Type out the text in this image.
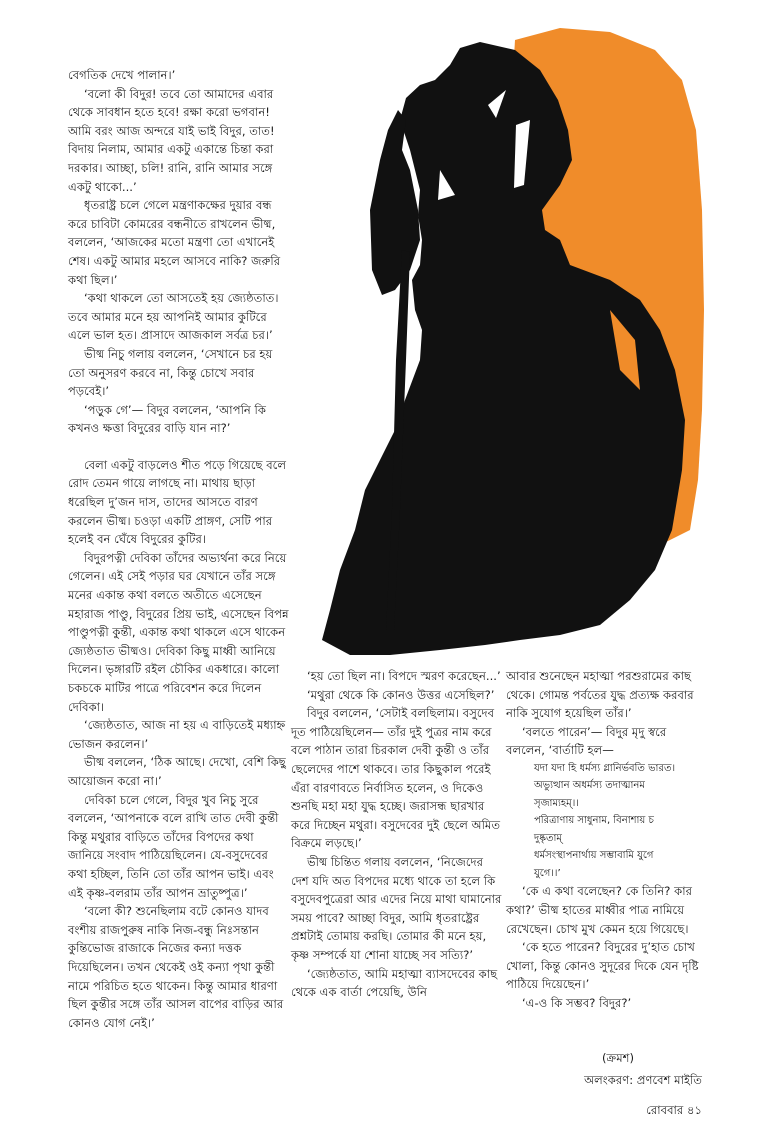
বেগতিক দেখে পালান।’

‘বলো কী বিদুর! তবে তো আমাদের এবার থেকে সাবধান হতে হবে! রক্ষা করো ভগবান! আমি বরং আজ অন্দরে যাই ভাই বিদুর, তাত! বিদায় নিলাম, আমার একটু একান্তে চিন্তা করা দরকার। আচ্ছা, চলি! রানি, রানি আমার সঙ্গে একটু থাকো...’

ধৃতরাষ্ট্র চলে গেলে মন্ত্রণাকক্ষের দুয়ার বন্ধ করে চাবিটা কোমরের বন্ধনীতে রাখলেন ভীষ্ম, বললেন, ‘আজকের মতো মন্ত্রণা তো এখানেই শেষ। একটু আমার মহলে আসবে নাকি? জরুরি কথা ছিল।’

‘কথা থাকলে তো আসতেই হয় জ্যেষ্ঠতাত। তবে আমার মনে হয় আপনিই আমার কুটিরে এলে ভাল হত। প্রাসাদে আজকাল সর্বত্র চর।’

ভীষ্ম নিচু গলায় বললেন, ‘সেখানে চর হয় তো অনুসরণ করবে না, কিন্তু চোখে সবার পড়বেই।’

‘পড়ুক গে’— বিদুর বললেন, ‘আপনি কি কখনও ক্ষত্তা বিদুরের বাড়ি যান না?’

বেলা একটু বাড়লেও শীত পড়ে গিয়েছে বলে রোদ তেমন গায়ে লাগছে না। মাথায় ছাড়া ধরেছিল দু’জন দাস, তাদের আসতে বারণ করলেন ভীষ্ম। চওড়া একটি প্রাঙ্গণ, সেটি পার হলেই বন ঘেঁষে বিদুরের কুটির।

বিদুরপত্নী দেবিকা তাঁদের অভ্যর্থনা করে নিয়ে গেলেন। এই সেই পড়ার ঘর যেখানে তাঁর সঙ্গে মনের একান্ত কথা বলতে অতীতে এসেছেন মহারাজ পাণ্ডু, বিদুরের প্রিয় ভাই, এসেছেন বিপন্ন পাণ্ডুপত্নী কুন্তী, একান্ত কথা থাকলে এসে থাকেন জ্যেষ্ঠতাত ভীষ্মও। দেবিকা কিছু মাধ্বী আনিয়ে দিলেন। ভৃঙ্গারটি রইল চৌকির একধারে। কালো চকচকে মাটির পাত্রে পরিবেশন করে দিলেন দেবিকা।

‘জ্যেষ্ঠতাত, আজ না হয় এ বাড়িতেই মধ্যাহ্ন ভোজন করলেন।’

ভীষ্ম বললেন, ‘ঠিক আছে। দেখো, বেশি কিছু আয়োজন করো না।’

দেবিকা চলে গেলে, বিদুর খুব নিচু সুরে বললেন, ‘আপনাকে বলে রাখি তাত দেবী কুন্তী কিন্তু মথুরার বাড়িতে তাঁদের বিপদের কথা জানিয়ে সংবাদ পাঠিয়েছিলেন। যে-বসুদেবের কথা হচ্ছিল, তিনি তো তাঁর আপন ভাই। এবং এই কৃষ্ণ-বলরাম তাঁর আপন ভ্রাতুষ্পুত্র।’

‘বলো কী? শুনেছিলাম বটে কোনও যাদব বংশীয় রাজপুরুষ নাকি নিজ-বন্ধু নিঃসন্তান কুন্তিভোজ রাজাকে নিজের কন্যা দত্তক দিয়েছিলেন। তখন থেকেই ওই কন্যা পৃথা কুন্তী নামে পরিচিত হতে থাকেন। কিন্তু আমার ধারণা ছিল কুন্তীর সঙ্গে তাঁর আসল বাপের বাড়ির আর কোনও যোগ নেই।’

‘হয় তো ছিল না। বিপদে স্মরণ করেছেন...’

‘মথুরা থেকে কি কোনও উত্তর এসেছিল?’

বিদুর বললেন, ‘সেটাই বলছিলাম। বসুদেব দূত পাঠিয়েছিলেন— তাঁর দুই পুত্রর নাম করে বলে পাঠান তারা চিরকাল দেবী কুন্তী ও তাঁর ছেলেদের পাশে থাকবে। তার কিছুকাল পরেই এঁরা বারণাবতে নির্বাসিত হলেন, ও দিকেও শুনছি মহা মহা যুদ্ধ হচ্ছে। জরাসন্ধ ছারখার করে দিচ্ছেন মথুরা। বসুদেবের দুই ছেলে অমিত বিক্রমে লড়ছে।’

ভীষ্ম চিন্তিত গলায় বললেন, ‘নিজেদের দেশ যদি অত বিপদের মধ্যে থাকে তা হলে কি বসুদেবপুত্রেরা আর এদের নিয়ে মাথা ঘামানোর সময় পাবে? আচ্ছা বিদুর, আমি ধৃতরাষ্ট্রের প্রশ্নটাই তোমায় করছি। তোমার কী মনে হয়, কৃষ্ণ সম্পর্কে যা শোনা যাচ্ছে সব সত্যি?’

‘জ্যেষ্ঠতাত, আমি মহাত্মা ব্যাসদেবের কাছ থেকে এক বার্তা পেয়েছি, উনি

আবার শুনেছেন মহাত্মা পরশুরামের কাছ থেকে। গোমন্ত পর্বতের যুদ্ধ প্রত্যক্ষ করবার নাকি সুযোগ হয়েছিল তাঁর।’

‘বলতে পারেন’— বিদুর মৃদু স্বরে বললেন, ‘বার্তাটি হল—

যদা যদা হি ধর্মস্য গ্লানির্ভবতি ভারত।

অভ্যুত্থান অধর্মস্য তদাত্মানম

সৃজাম্যহম্।।

পরিত্রাণায় সাধুনাম, বিনাশায় চ

দুষ্কৃতাম্

ধর্মসংস্থাপনার্থায় সম্ভাবামি যুগে

যুগে।।’

‘কে এ কথা বলেছেন? কে তিনি? কার কথা?’ ভীষ্ম হাতের মাধ্বীর পাত্র নামিয়ে রেখেছেন। চোখ মুখ কেমন হয়ে গিয়েছে।

‘কে হতে পারেন? বিদুরের দু’হাত চোখ খোলা, কিন্তু কোনও সুদূরের দিকে যেন দৃষ্টি পাঠিয়ে দিয়েছেন।’

‘এ-ও কি সম্ভব? বিদুর?’

(ক্রমশ)
অলংকরণ: প্রণবেশ মাইতি
রোববার ৪১
